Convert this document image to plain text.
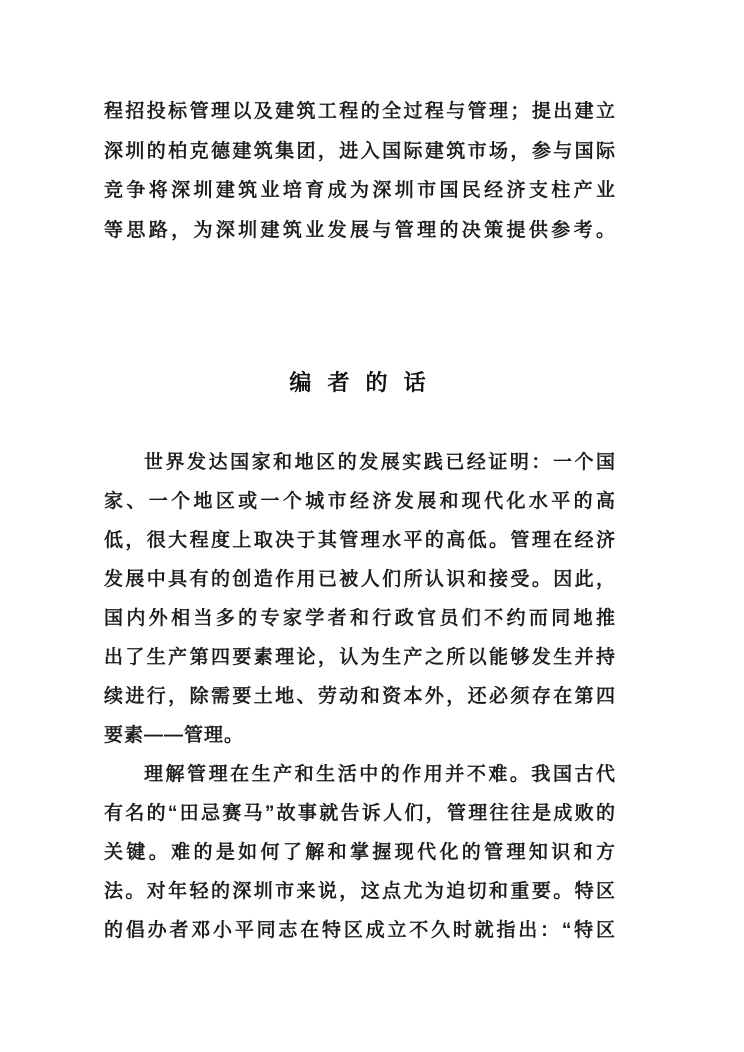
程招投标管理以及建筑工程的全过程与管理；提出建立
深圳的柏克德建筑集团，进入国际建筑市场，参与国际
竞争将深圳建筑业培育成为深圳市国民经济支柱产业
等思路，为深圳建筑业发展与管理的决策提供参考。
编 者 的 话
世界发达国家和地区的发展实践已经证明：一个国
家、一个地区或一个城市经济发展和现代化水平的高
低，很大程度上取决于其管理水平的高低。管理在经济
发展中具有的创造作用已被人们所认识和接受。因此，
国内外相当多的专家学者和行政官员们不约而同地推
出了生产第四要素理论，认为生产之所以能够发生并持
续进行，除需要土地、劳动和资本外，还必须存在第四
要素——管理。
理解管理在生产和生活中的作用并不难。我国古代
有名的“田忌赛马”故事就告诉人们，管理往往是成败的
关键。难的是如何了解和掌握现代化的管理知识和方
法。对年轻的深圳市来说，这点尤为迫切和重要。特区
的倡办者邓小平同志在特区成立不久时就指出：“特区
